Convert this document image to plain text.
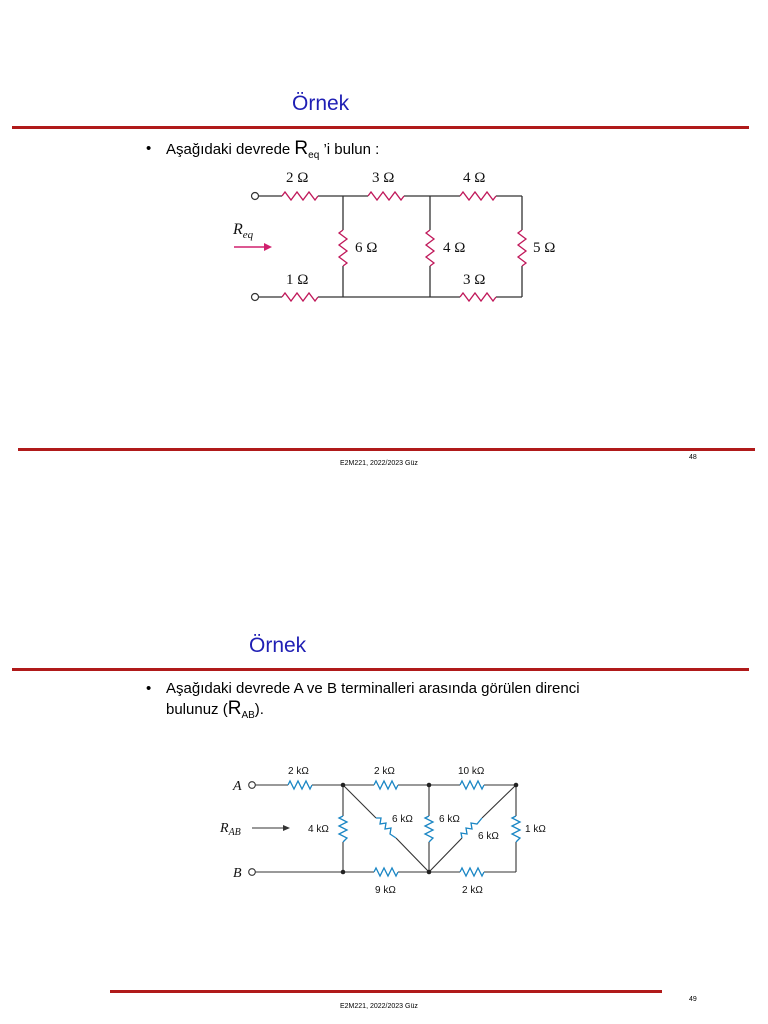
Örnek
• Aşağıdaki devrede $R_{eq}$ ’i bulun :
2 Ω	3 Ω	4 Ω
6 Ω	4 Ω	5 Ω
1 Ω	3 Ω
$R_{eq}$
48
E2M221, 2022/2023 Güz
Örnek
• Aşağıdaki devrede A ve B terminalleri arasında görülen direnci
bulunuz $(R_{AB})$.
A
B
$R_{AB}$
2 kΩ	2 kΩ	10 kΩ
4 kΩ
6 kΩ	6 kΩ
6 kΩ
1 kΩ
9 kΩ	2 kΩ
49
E2M221, 2022/2023 Güz
